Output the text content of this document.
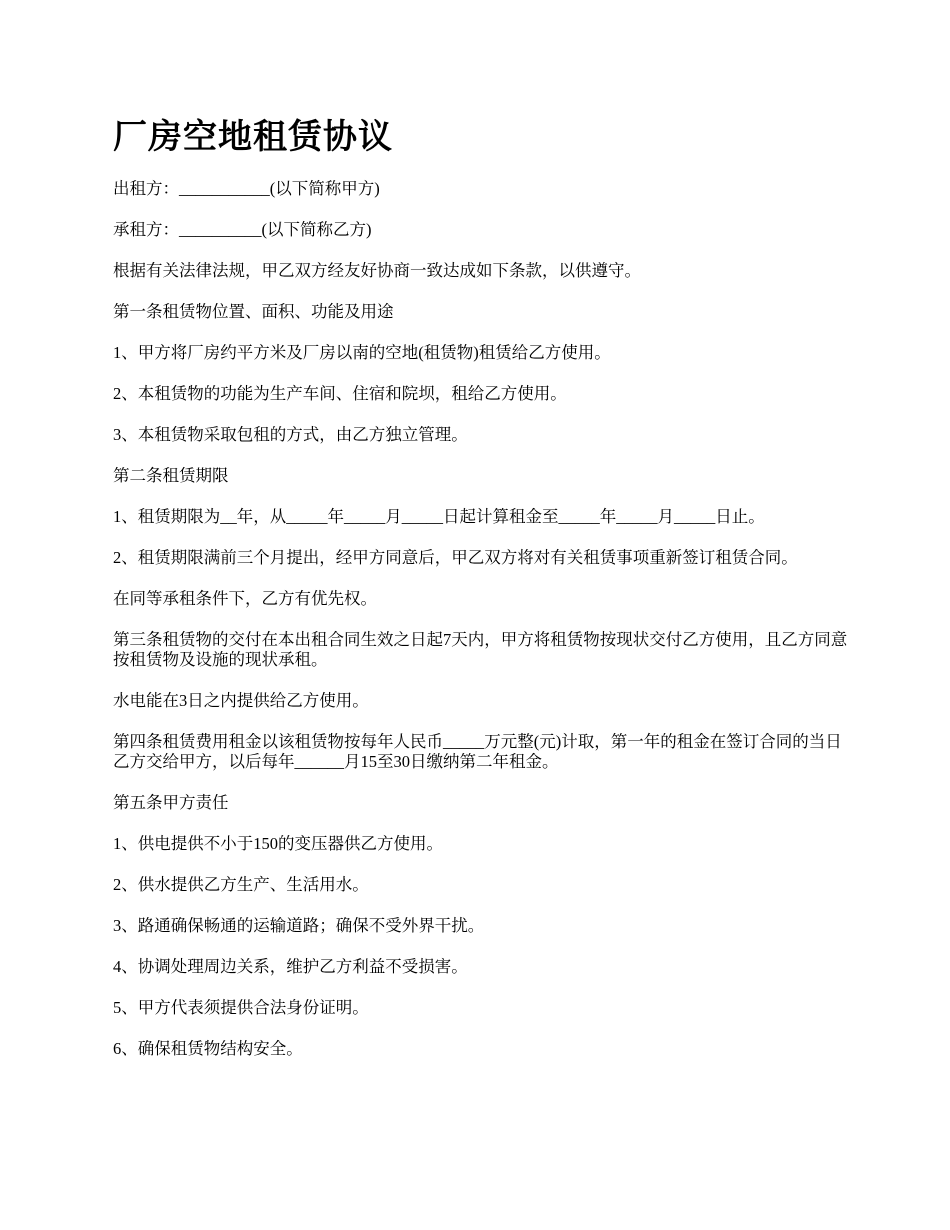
厂房空地租赁协议

出租方：___________(以下简称甲方)

承租方：__________(以下简称乙方)

根据有关法律法规，甲乙双方经友好协商一致达成如下条款，以供遵守。

第一条租赁物位置、面积、功能及用途

1、甲方将厂房约平方米及厂房以南的空地(租赁物)租赁给乙方使用。

2、本租赁物的功能为生产车间、住宿和院坝，租给乙方使用。

3、本租赁物采取包租的方式，由乙方独立管理。

第二条租赁期限

1、租赁期限为__年，从_____年_____月_____日起计算租金至_____年_____月_____日止。

2、租赁期限满前三个月提出，经甲方同意后，甲乙双方将对有关租赁事项重新签订租赁合同。

在同等承租条件下，乙方有优先权。

第三条租赁物的交付在本出租合同生效之日起7天内，甲方将租赁物按现状交付乙方使用，且乙方同意按租赁物及设施的现状承租。

水电能在3日之内提供给乙方使用。

第四条租赁费用租金以该租赁物按每年人民币_____万元整(元)计取，第一年的租金在签订合同的当日乙方交给甲方，以后每年______月15至30日缴纳第二年租金。

第五条甲方责任

1、供电提供不小于150的变压器供乙方使用。

2、供水提供乙方生产、生活用水。

3、路通确保畅通的运输道路；确保不受外界干扰。

4、协调处理周边关系，维护乙方利益不受损害。

5、甲方代表须提供合法身份证明。

6、确保租赁物结构安全。
